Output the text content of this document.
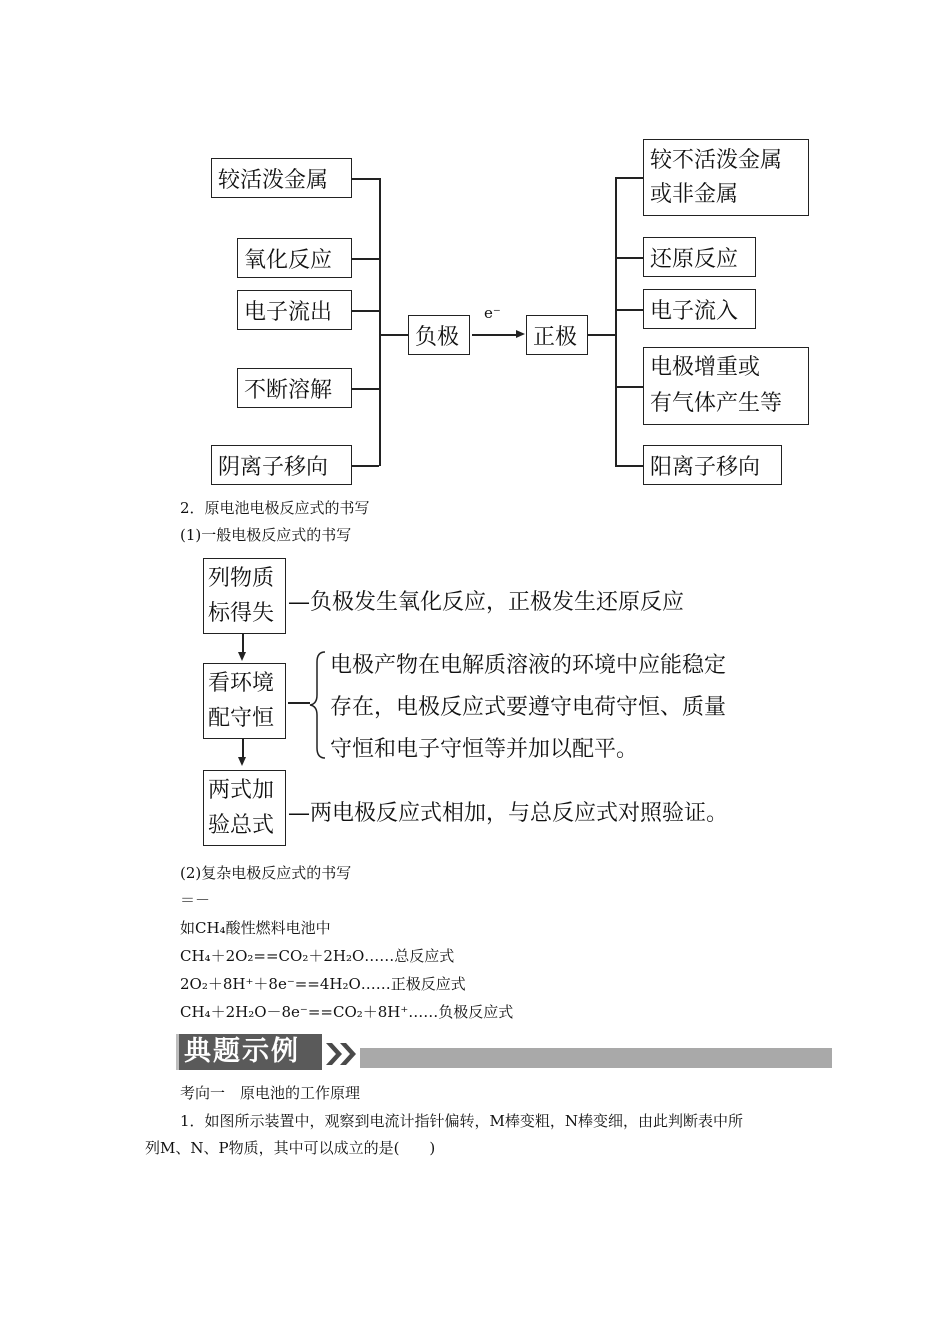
较活泼金属
氧化反应
电子流出
不断溶解
阴离子移向
负极
e⁻
正极
较不活泼金属
或非金属
还原反应
电子流入
电极增重或
有气体产生等
阳离子移向
2．原电池电极反应式的书写
(1)一般电极反应式的书写
列物质
标得失 —负极发生氧化反应，正极发生还原反应
看环境
配守恒
电极产物在电解质溶液的环境中应能稳定
存在，电极反应式要遵守电荷守恒、质量
守恒和电子守恒等并加以配平。
两式加
验总式 —两电极反应式相加，与总反应式对照验证。
(2)复杂电极反应式的书写
＝－
如CH₄酸性燃料电池中
CH₄＋2O₂==CO₂＋2H₂O……总反应式
2O₂＋8H⁺＋8e⁻==4H₂O……正极反应式
CH₄＋2H₂O－8e⁻==CO₂＋8H⁺……负极反应式
典题示例
考向一　原电池的工作原理
1．如图所示装置中，观察到电流计指针偏转，M棒变粗，N棒变细，由此判断表中所
列M、N、P物质，其中可以成立的是(　　)
